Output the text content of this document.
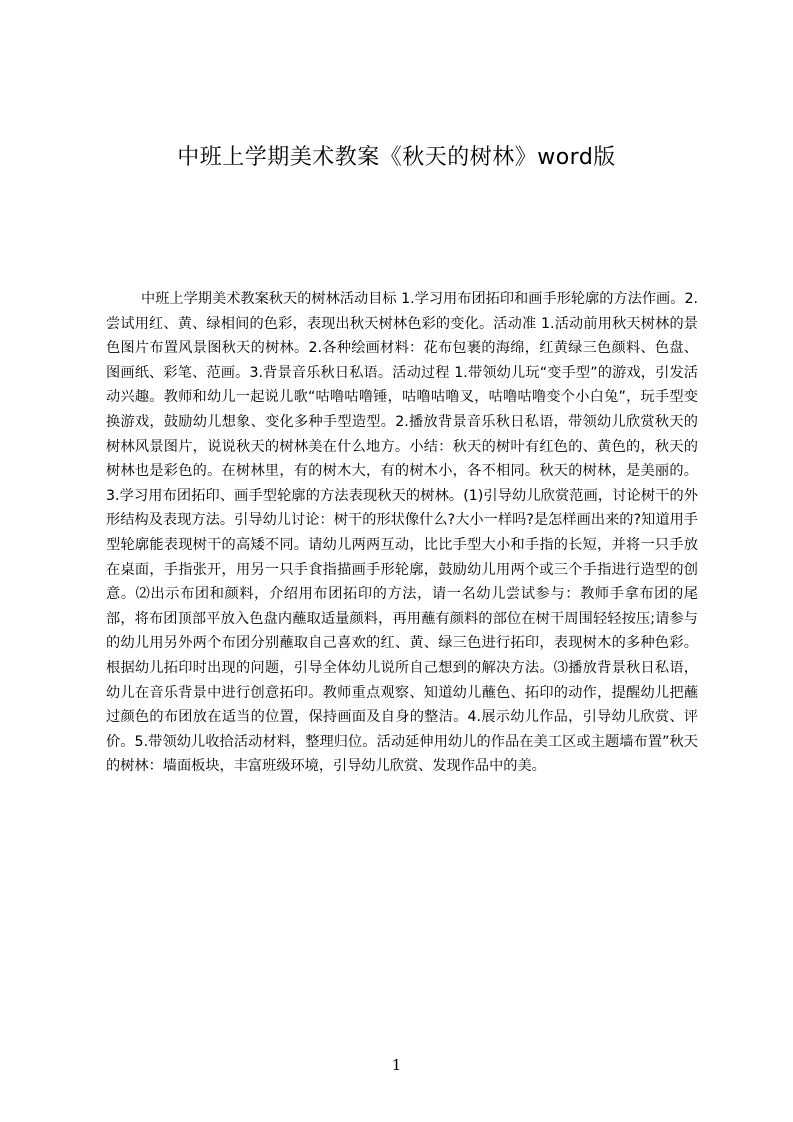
中班上学期美术教案《秋天的树林》word版

中班上学期美术教案秋天的树林活动目标 1.学习用布团拓印和画手形轮廓的方法作画。2.尝试用红、黄、绿相间的色彩，表现出秋天树林色彩的变化。活动准 1.活动前用秋天树林的景色图片布置风景图秋天的树林。2.各种绘画材料：花布包裹的海绵，红黄绿三色颜料、色盘、图画纸、彩笔、范画。3.背景音乐秋日私语。活动过程 1.带领幼儿玩“变手型”的游戏，引发活动兴趣。教师和幼儿一起说儿歌“咕噜咕噜锤，咕噜咕噜叉，咕噜咕噜变个小白兔”，玩手型变换游戏，鼓励幼儿想象、变化多种手型造型。2.播放背景音乐秋日私语，带领幼儿欣赏秋天的树林风景图片，说说秋天的树林美在什么地方。小结：秋天的树叶有红色的、黄色的，秋天的树林也是彩色的。在树林里，有的树木大，有的树木小，各不相同。秋天的树林，是美丽的。3.学习用布团拓印、画手型轮廓的方法表现秋天的树林。(1)引导幼儿欣赏范画，讨论树干的外形结构及表现方法。引导幼儿讨论：树干的形状像什么?大小一样吗?是怎样画出来的?知道用手型轮廓能表现树干的高矮不同。请幼儿两两互动，比比手型大小和手指的长短，并将一只手放在桌面，手指张开，用另一只手食指描画手形轮廓，鼓励幼儿用两个或三个手指进行造型的创意。⑵出示布团和颜料，介绍用布团拓印的方法，请一名幼儿尝试参与：教师手拿布团的尾部，将布团顶部平放入色盘内蘸取适量颜料，再用蘸有颜料的部位在树干周围轻轻按压;请参与的幼儿用另外两个布团分别蘸取自己喜欢的红、黄、绿三色进行拓印，表现树木的多种色彩。根据幼儿拓印时出现的问题，引导全体幼儿说所自己想到的解决方法。⑶播放背景秋日私语，幼儿在音乐背景中进行创意拓印。教师重点观察、知道幼儿蘸色、拓印的动作，提醒幼儿把蘸过颜色的布团放在适当的位置，保持画面及自身的整洁。4.展示幼儿作品，引导幼儿欣赏、评价。5.带领幼儿收拾活动材料，整理归位。活动延伸用幼儿的作品在美工区或主题墙布置”秋天的树林：墙面板块，丰富班级环境，引导幼儿欣赏、发现作品中的美。

1
